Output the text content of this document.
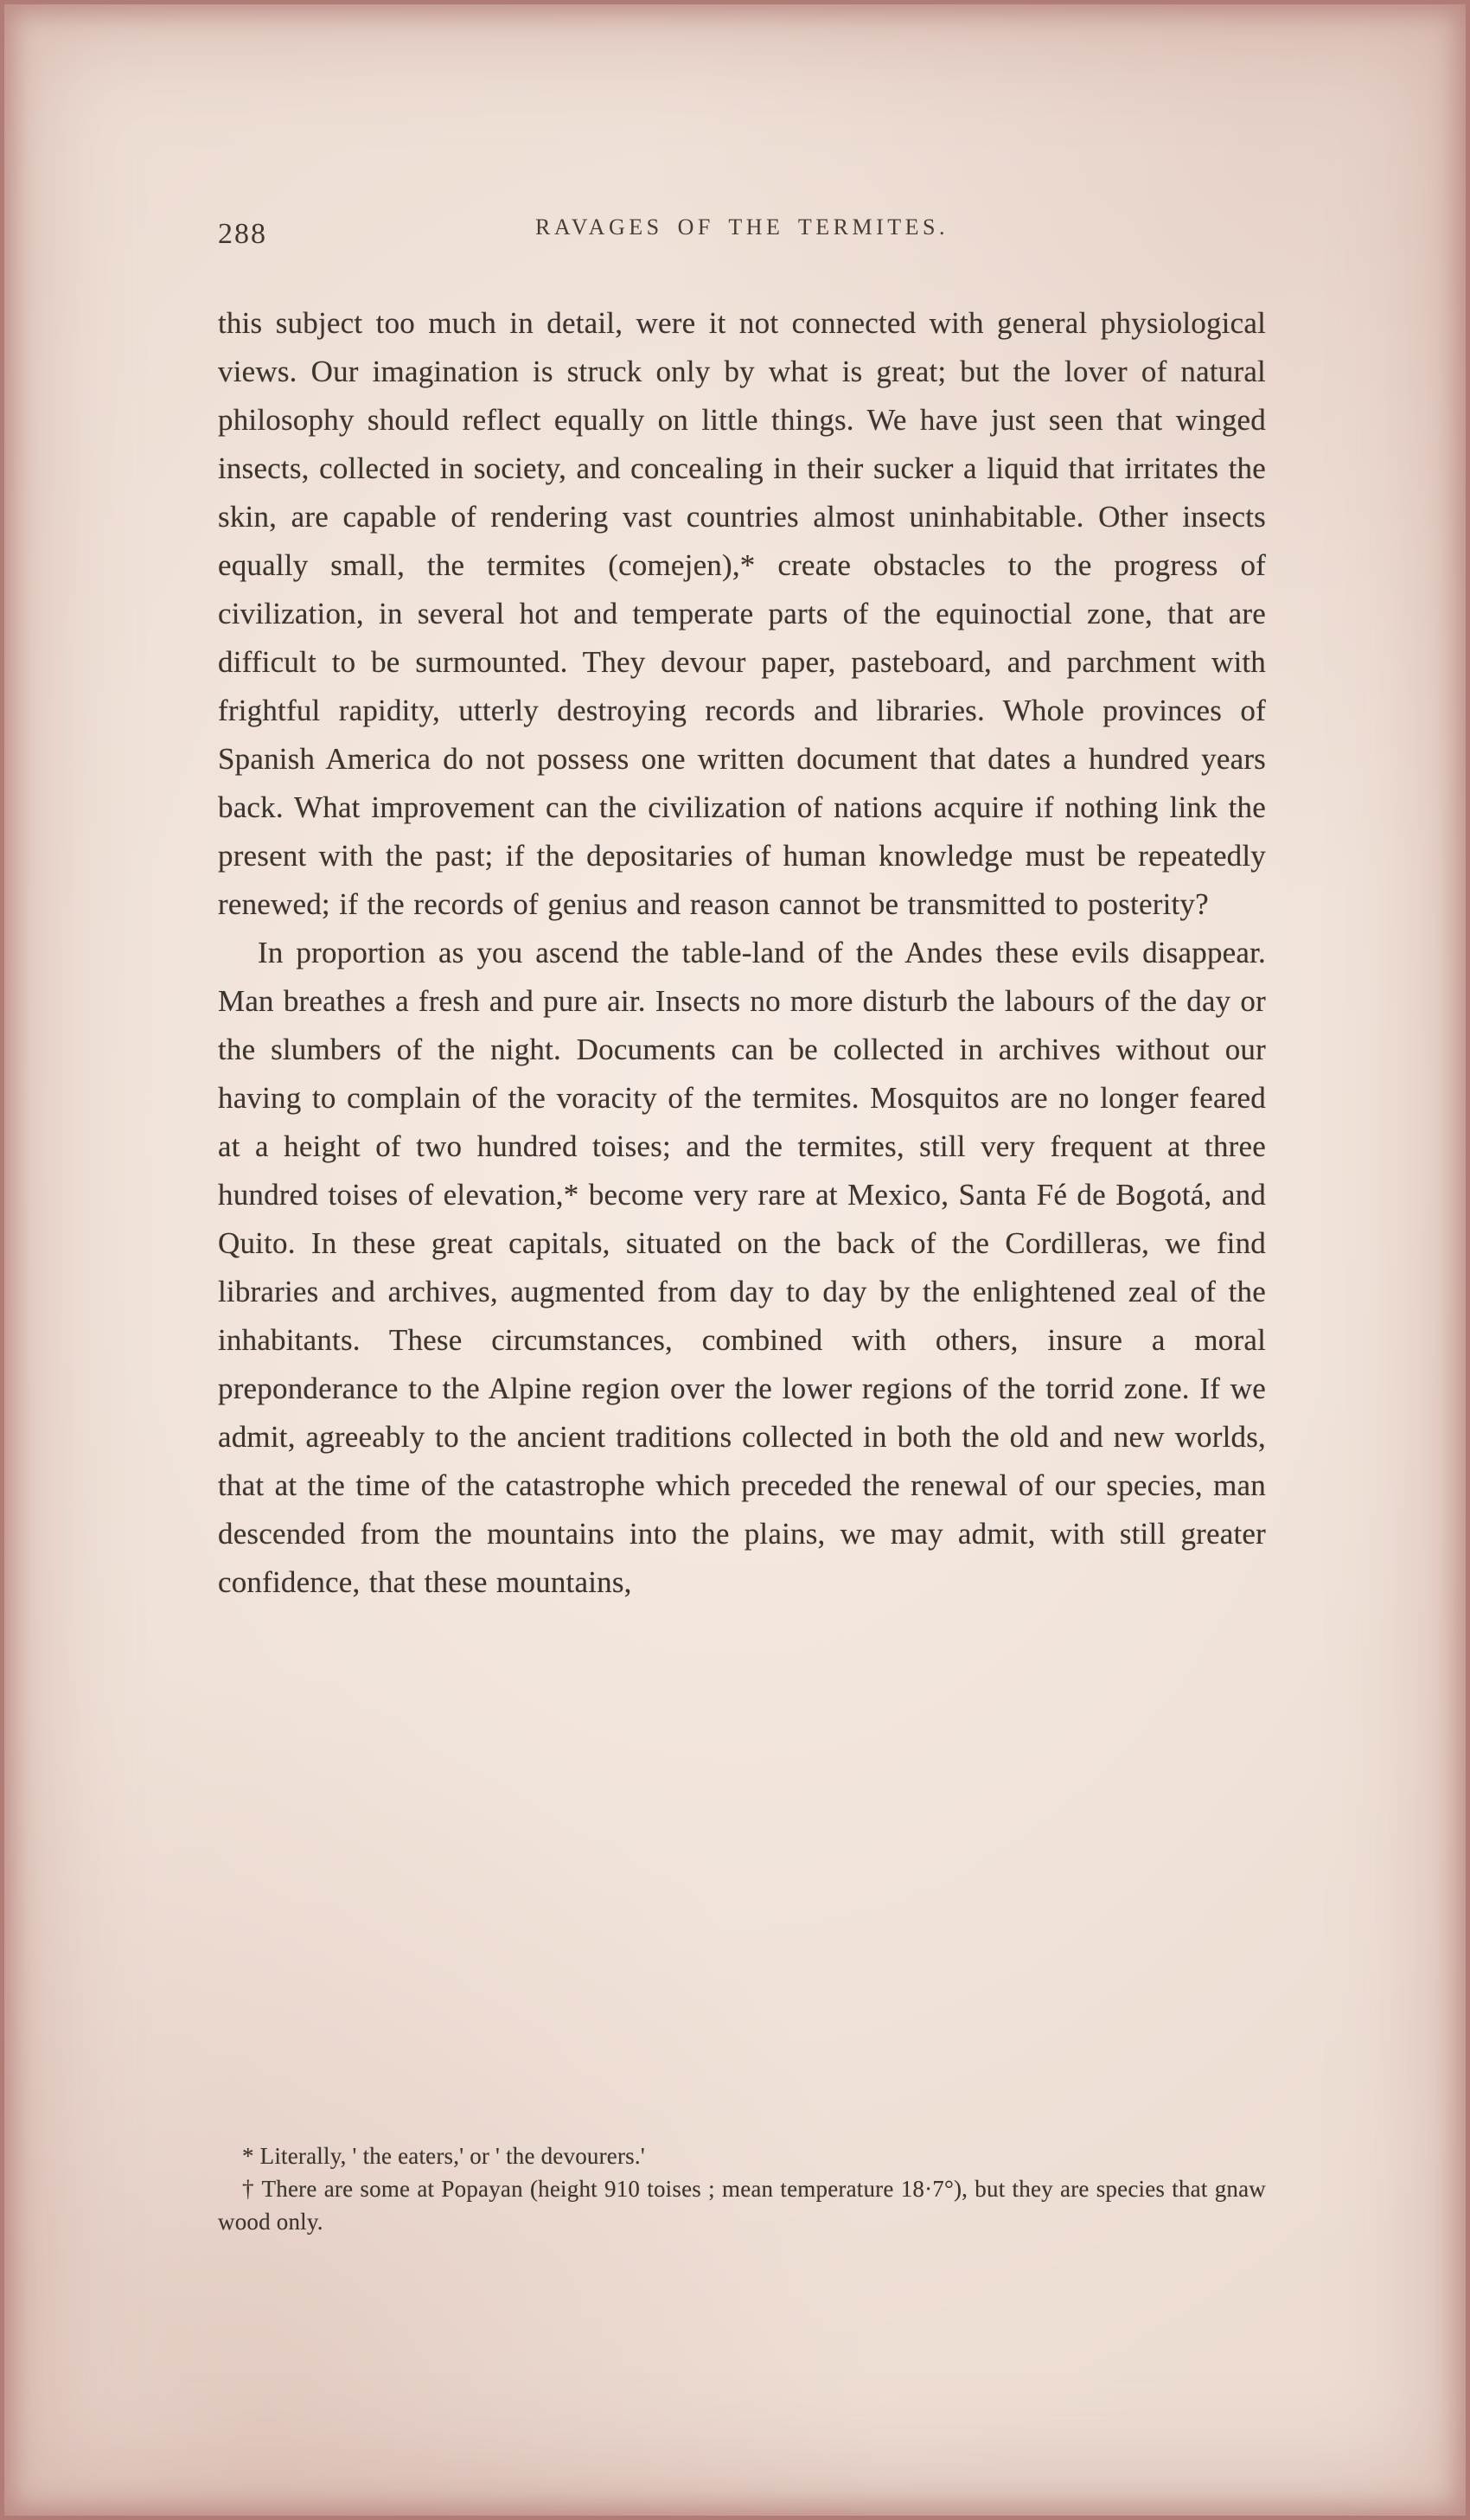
288	RAVAGES OF THE TERMITES.

this subject too much in detail, were it not connected with general physiological views. Our imagination is struck only by what is great; but the lover of natural philosophy should reflect equally on little things. We have just seen that winged insects, collected in society, and concealing in their sucker a liquid that irritates the skin, are capable of rendering vast countries almost uninhabitable. Other insects equally small, the termites (comejen),* create obstacles to the progress of civilization, in several hot and temperate parts of the equinoctial zone, that are difficult to be surmounted. They devour paper, pasteboard, and parchment with frightful rapidity, utterly destroying records and libraries. Whole provinces of Spanish America do not possess one written document that dates a hundred years back. What improvement can the civilization of nations acquire if nothing link the present with the past; if the depositaries of human knowledge must be repeatedly renewed; if the records of genius and reason cannot be transmitted to posterity?

In proportion as you ascend the table-land of the Andes these evils disappear. Man breathes a fresh and pure air. Insects no more disturb the labours of the day or the slumbers of the night. Documents can be collected in archives without our having to complain of the voracity of the termites. Mosquitos are no longer feared at a height of two hundred toises; and the termites, still very frequent at three hundred toises of elevation,* become very rare at Mexico, Santa Fé de Bogotá, and Quito. In these great capitals, situated on the back of the Cordilleras, we find libraries and archives, augmented from day to day by the enlightened zeal of the inhabitants. These circumstances, combined with others, insure a moral preponderance to the Alpine region over the lower regions of the torrid zone. If we admit, agreeably to the ancient traditions collected in both the old and new worlds, that at the time of the catastrophe which preceded the renewal of our species, man descended from the mountains into the plains, we may admit, with still greater confidence, that these mountains,

* Literally, ' the eaters,' or ' the devourers.'

† There are some at Popayan (height 910 toises ; mean temperature 18·7°), but they are species that gnaw wood only.
